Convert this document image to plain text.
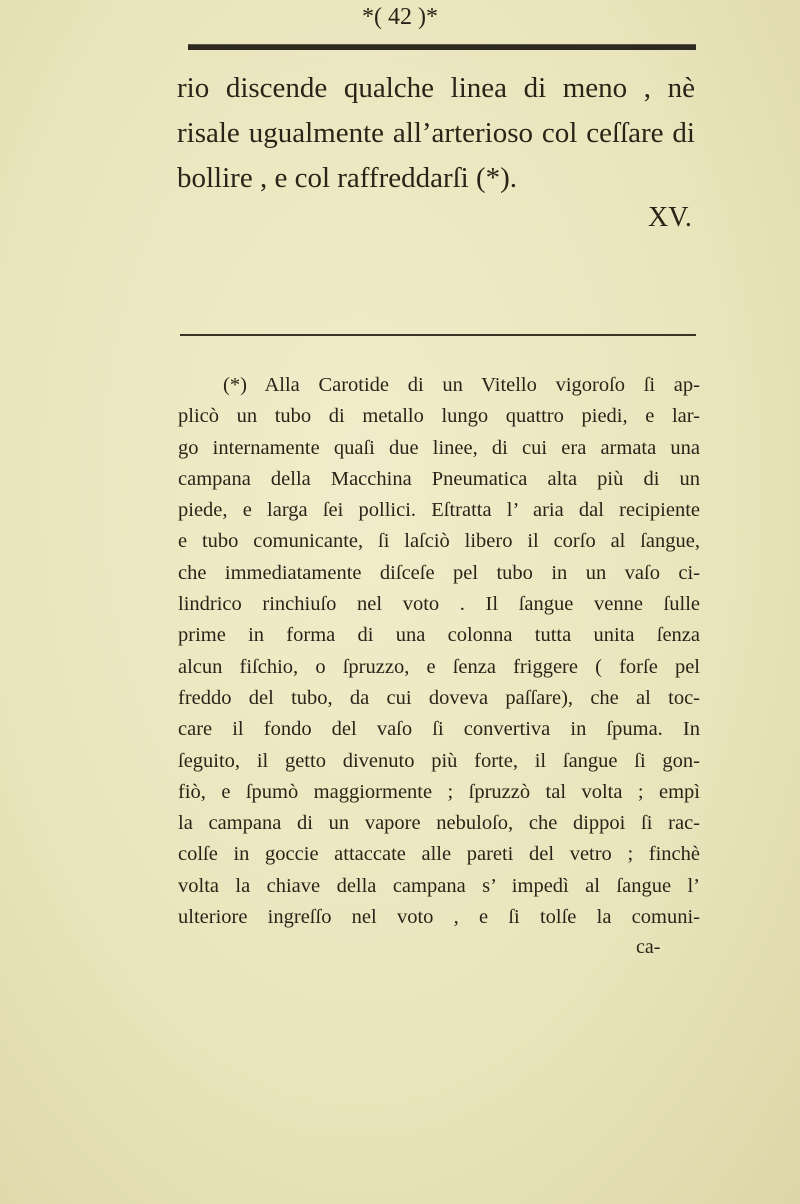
*( 42 )*
rio discende qualche linea di meno , nè
risale ugualmente all’arterioso col ceſſare di
bollire , e col raffreddarſi (*).
XV.
(*) Alla Carotide di un Vitello vigoroſo ſi ap-
plicò un tubo di metallo lungo quattro piedi, e lar-
go internamente quaſi due linee, di cui era armata una
campana della Macchina Pneumatica alta più di un
piede, e larga ſei pollici. Eſtratta l’ aria dal recipiente
e tubo comunicante, ſi laſciò libero il corſo al ſangue,
che immediatamente diſceſe pel tubo in un vaſo ci-
lindrico rinchiuſo nel voto . Il ſangue venne ſulle
prime in forma di una colonna tutta unita ſenza
alcun fiſchio, o ſpruzzo, e ſenza friggere ( forſe pel
freddo del tubo, da cui doveva paſſare), che al toc-
care il fondo del vaſo ſi convertiva in ſpuma. In
ſeguito, il getto divenuto più forte, il ſangue ſi gon-
fiò, e ſpumò maggiormente ; ſpruzzò tal volta ; empì
la campana di un vapore nebuloſo, che dippoi ſi rac-
colſe in goccie attaccate alle pareti del vetro ; finchè
volta la chiave della campana s’ impedì al ſangue l’
ulteriore ingreſſo nel voto , e ſi tolſe la comuni-
ca-
